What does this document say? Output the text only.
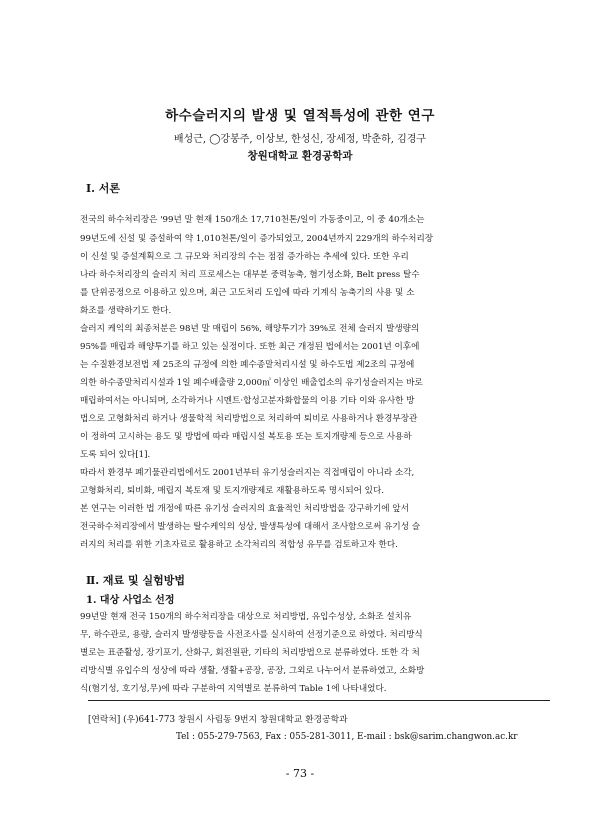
하수슬러지의 발생 및 열적특성에 관한 연구
배성근, ◯강봉주, 이상보, 한성신, 장세정, 박춘하, 김경구
창원대학교 환경공학과
Ⅰ. 서론
전국의 하수처리장은 '99년 말 현재 150개소 17,710천톤/일이 가동중이고, 이 중 40개소는
99년도에 신설 및 증설하여 약 1,010천톤/일이 증가되었고, 2004년까지 229개의 하수처리장
이 신설 및 증설계획으로 그 규모와 처리장의 수는 점점 증가하는 추세에 있다. 또한 우리
나라 하수처리장의 슬러지 처리 프로세스는 대부분 중력농축, 혐기성소화, Belt press 탈수
를 단위공정으로 이용하고 있으며, 최근 고도처리 도입에 따라 기계식 농축기의 사용 및 소
화조를 생략하기도 한다.
슬러지 케익의 최종처분은 98년 말 매립이 56%, 해양투기가 39%로 전체 슬러지 발생량의
95%를 매립과 해양투기를 하고 있는 실정이다. 또한 최근 개정된 법에서는 2001년 이후에
는 수질환경보전법 제 25조의 규정에 의한 폐수종말처리시설 및 하수도법 제2조의 규정에
의한 하수종말처리시설과 1일 폐수배출량 2,000㎥ 이상인 배출업소의 유기성슬러지는 바로
매립하여서는 아니되며, 소각하거나 시멘트·합성고분자화합물의 이용 기타 이와 유사한 방
법으로 고형화처리 하거나 생물학적 처리방법으로 처리하여 퇴비로 사용하거나 환경부장관
이 정하여 고시하는 용도 및 방법에 따라 매립시설 복토용 또는 토지개량제 등으로 사용하
도록 되어 있다[1].
따라서 환경부 폐기물관리법에서도 2001년부터 유기성슬러지는 직접매립이 아니라 소각,
고형화처리, 퇴비화, 매립지 복토재 및 토지개량제로 재활용하도록 명시되어 있다.
본 연구는 이러한 법 개정에 따른 유기성 슬러지의 효율적인 처리방법을 강구하기에 앞서
전국하수처리장에서 발생하는 탈수케익의 성상, 발생특성에 대해서 조사함으로써 유기성 슬
러지의 처리를 위한 기초자료로 활용하고 소각처리의 적합성 유무를 검토하고자 한다.
Ⅱ. 재료 및 실험방법
1. 대상 사업소 선정
99년말 현재 전국 150개의 하수처리장을 대상으로 처리방법, 유입수성상, 소화조 설치유
무, 하수관로, 용량, 슬러지 발생량등을 사전조사를 실시하여 선정기준으로 하였다. 처리방식
별로는 표준활성, 장기포기, 산화구, 회전원판, 기타의 처리방법으로 분류하였다. 또한 각 처
리방식별 유입수의 성상에 따라 생활, 생활+공장, 공장, 그외로 나누어서 분류하였고, 소화방
식(혐기성, 호기성,무)에 따라 구분하여 지역별로 분류하여 Table 1에 나타내었다.
[연락처] (우)641-773 창원시 사림동 9번지 창원대학교 환경공학과
Tel : 055-279-7563, Fax : 055-281-3011, E-mail : bsk@sarim.changwon.ac.kr
- 73 -
